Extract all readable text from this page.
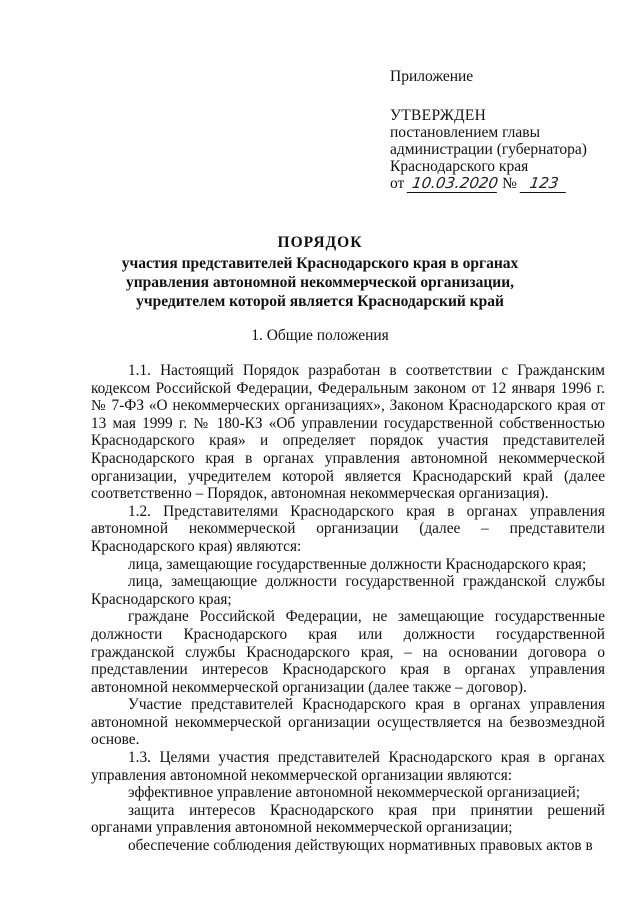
Приложение
УТВЕРЖДЕН
постановлением главы
администрации (губернатора)
Краснодарского края
от 10.03.2020 № 123
ПОРЯДОК
участия представителей Краснодарского края в органах
управления автономной некоммерческой организации,
учредителем которой является Краснодарский край
1. Общие положения

1.1. Настоящий Порядок разработан в соответствии с Гражданским кодексом Российской Федерации, Федеральным законом от 12 января 1996 г. № 7-ФЗ «О некоммерческих организациях», Законом Краснодарского края от 13 мая 1999 г. № 180-КЗ «Об управлении государственной собственностью Краснодарского края» и определяет порядок участия представителей Краснодарского края в органах управления автономной некоммерческой организации, учредителем которой является Краснодарский край (далее соответственно – Порядок, автономная некоммерческая организация).

1.2. Представителями Краснодарского края в органах управления автономной некоммерческой организации (далее – представители Краснодарского края) являются:

лица, замещающие государственные должности Краснодарского края;

лица, замещающие должности государственной гражданской службы Краснодарского края;

граждане Российской Федерации, не замещающие государственные должности Краснодарского края или должности государственной гражданской службы Краснодарского края, – на основании договора о представлении интересов Краснодарского края в органах управления автономной некоммерческой организации (далее также – договор).

Участие представителей Краснодарского края в органах управления автономной некоммерческой организации осуществляется на безвозмездной основе.

1.3. Целями участия представителей Краснодарского края в органах управления автономной некоммерческой организации являются:

эффективное управление автономной некоммерческой организацией;

защита интересов Краснодарского края при принятии решений органами управления автономной некоммерческой организации;

обеспечение соблюдения действующих нормативных правовых актов в
